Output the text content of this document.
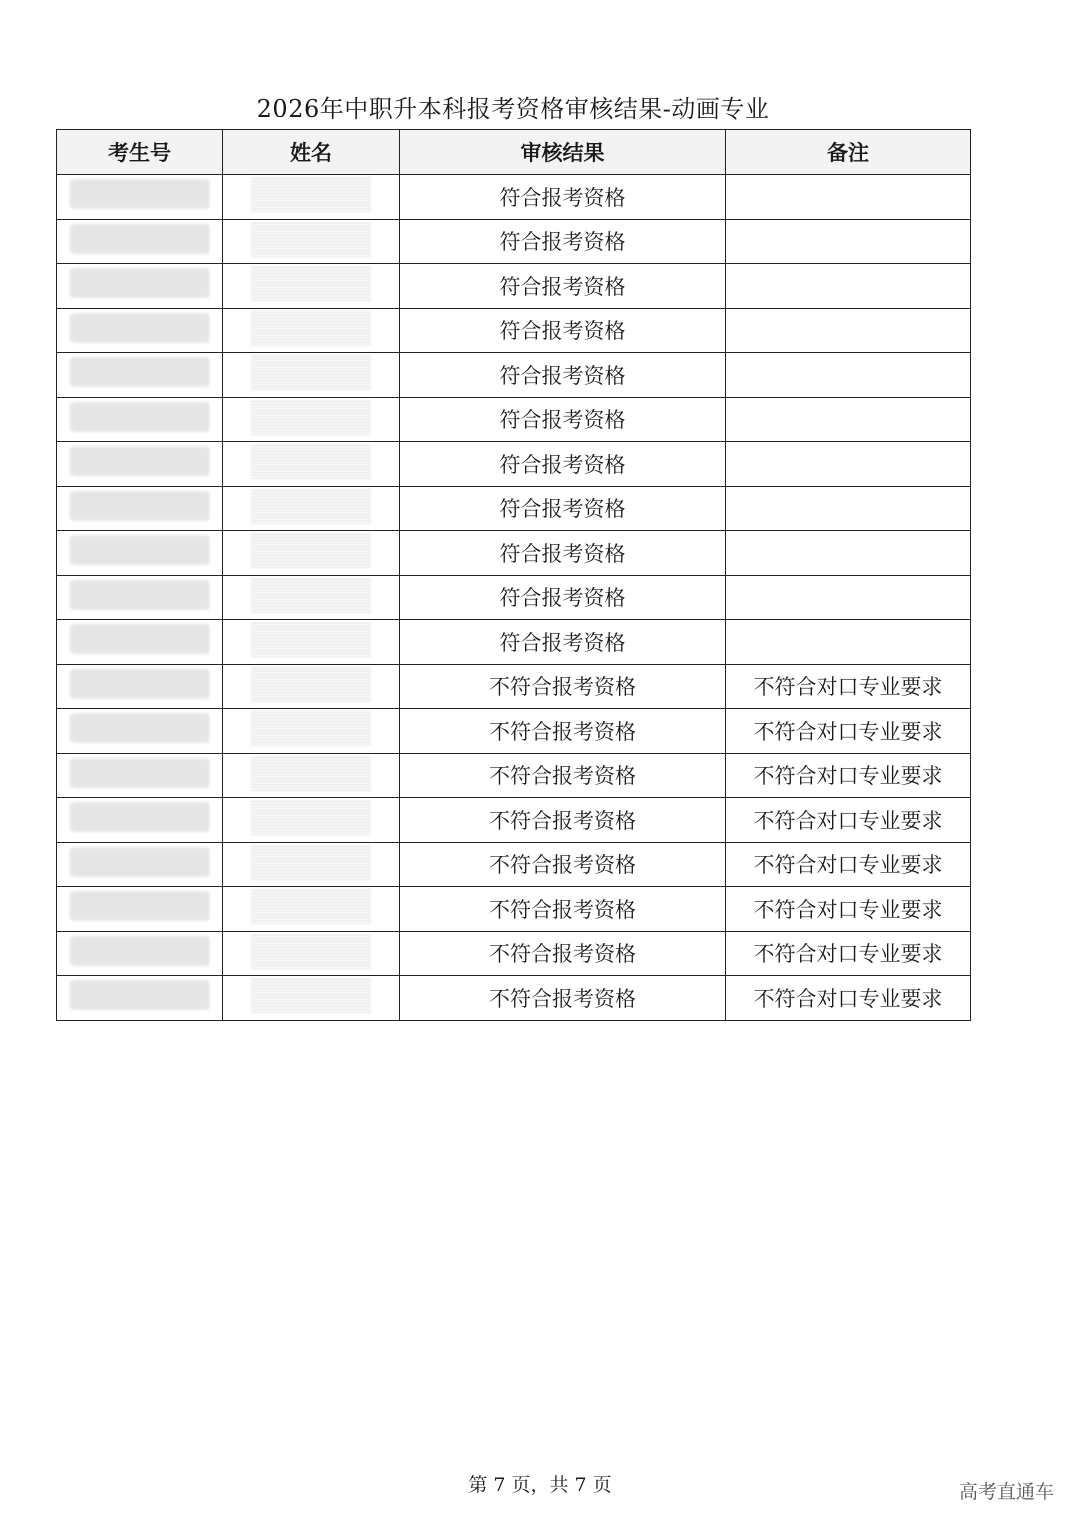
2026年中职升本科报考资格审核结果-动画专业
考生号	姓名	审核结果	备注
		符合报考资格	
		符合报考资格	
		符合报考资格	
		符合报考资格	
		符合报考资格	
		符合报考资格	
		符合报考资格	
		符合报考资格	
		符合报考资格	
		符合报考资格	
		符合报考资格	
		不符合报考资格	不符合对口专业要求
		不符合报考资格	不符合对口专业要求
		不符合报考资格	不符合对口专业要求
		不符合报考资格	不符合对口专业要求
		不符合报考资格	不符合对口专业要求
		不符合报考资格	不符合对口专业要求
		不符合报考资格	不符合对口专业要求
		不符合报考资格	不符合对口专业要求
第 7 页，共 7 页	高考直通车
